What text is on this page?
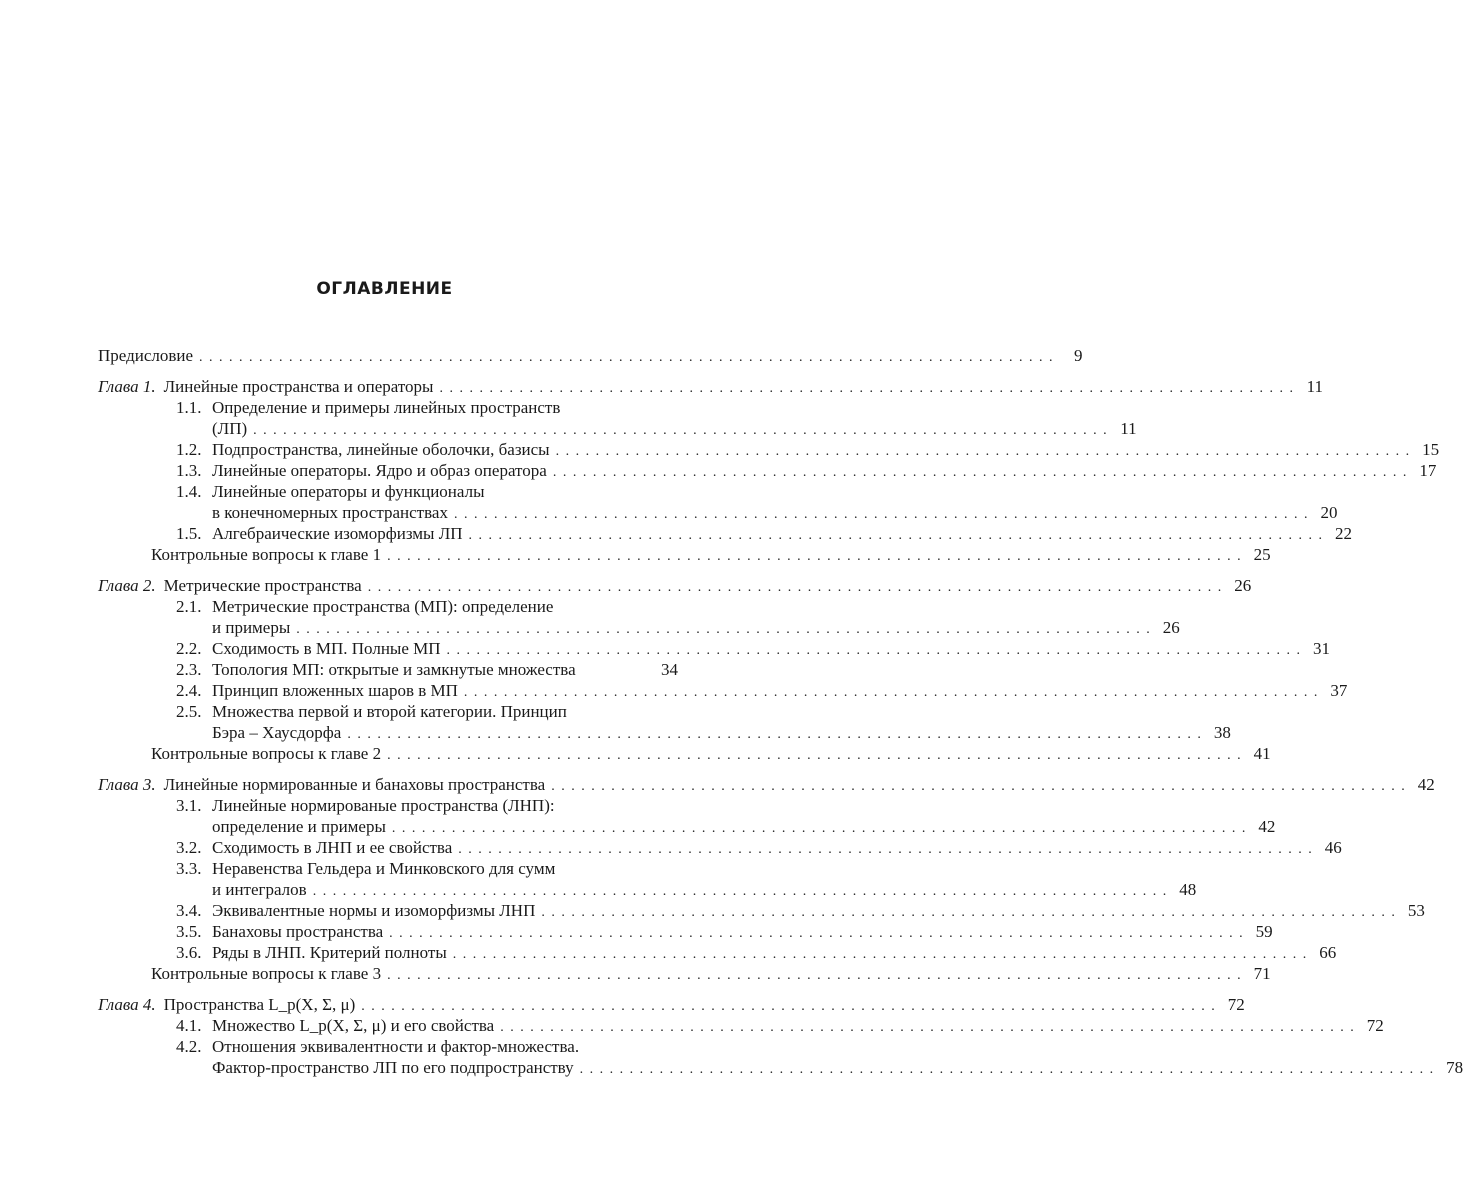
ОГЛАВЛЕНИЕ
Предисловие . . .	9
Глава 1. Линейные пространства и операторы . . .	11
1.1. Определение и примеры линейных пространств
(ЛП) . . .	11
1.2. Подпространства, линейные оболочки, базисы . . .	15
1.3. Линейные операторы. Ядро и образ оператора . . .	17
1.4. Линейные операторы и функционалы
в конечномерных пространствах . . .	20
1.5. Алгебраические изоморфизмы ЛП . . .	22
Контрольные вопросы к главе 1 . . .	25
Глава 2. Метрические пространства . . .	26
2.1. Метрические пространства (МП): определение
и примеры . . .	26
2.2. Сходимость в МП. Полные МП . . .	31
2.3. Топология МП: открытые и замкнутые множества	34
2.4. Принцип вложенных шаров в МП . . .	37
2.5. Множества первой и второй категории. Принцип
Бэра – Хаусдорфа . . .	38
Контрольные вопросы к главе 2 . . .	41
Глава 3. Линейные нормированные и банаховы пространства . . .	42
3.1. Линейные нормированые пространства (ЛНП):
определение и примеры . . .	42
3.2. Сходимость в ЛНП и ее свойства . . .	46
3.3. Неравенства Гельдера и Минковского для сумм
и интегралов . . .	48
3.4. Эквивалентные нормы и изоморфизмы ЛНП . . .	53
3.5. Банаховы пространства . . .	59
3.6. Ряды в ЛНП. Критерий полноты . . .	66
Контрольные вопросы к главе 3 . . .	71
Глава 4. Пространства L_p(X, Σ, μ) . . .	72
4.1. Множество L_p(X, Σ, μ) и его свойства . . .	72
4.2. Отношения эквивалентности и фактор-множества.
Фактор-пространство ЛП по его подпространству . . .	78
